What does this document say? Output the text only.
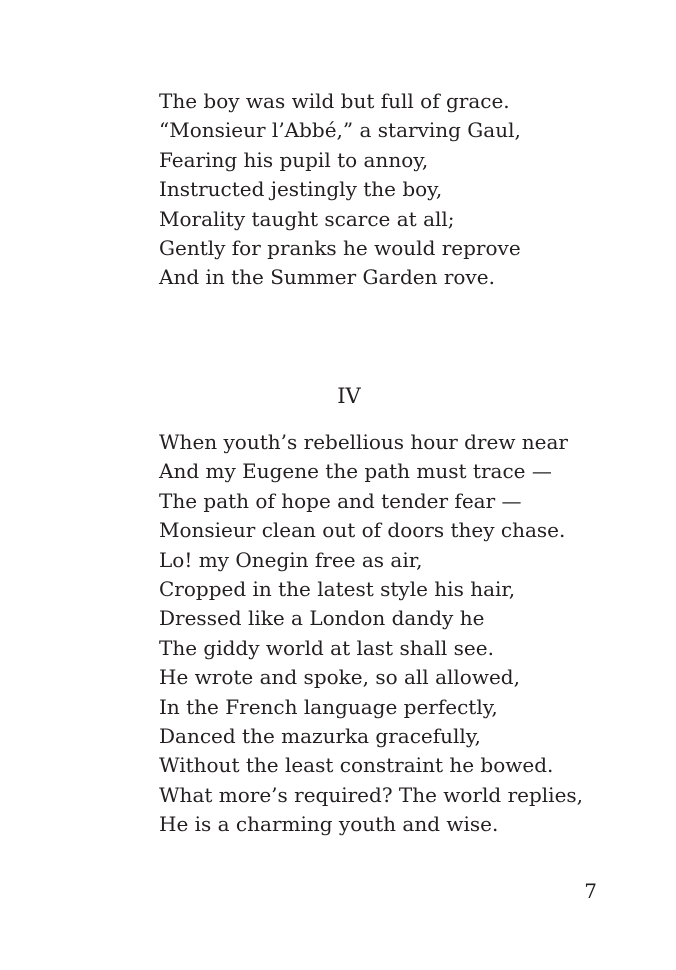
The boy was wild but full of grace.
“Monsieur l’Abbé,” a starving Gaul,
Fearing his pupil to annoy,
Instructed jestingly the boy,
Morality taught scarce at all;
Gently for pranks he would reprove
And in the Summer Garden rove.
IV
When youth’s rebellious hour drew near
And my Eugene the path must trace —
The path of hope and tender fear —
Monsieur clean out of doors they chase.
Lo! my Onegin free as air,
Cropped in the latest style his hair,
Dressed like a London dandy he
The giddy world at last shall see.
He wrote and spoke, so all allowed,
In the French language perfectly,
Danced the mazurka gracefully,
Without the least constraint he bowed.
What more’s required? The world replies,
He is a charming youth and wise.
7
